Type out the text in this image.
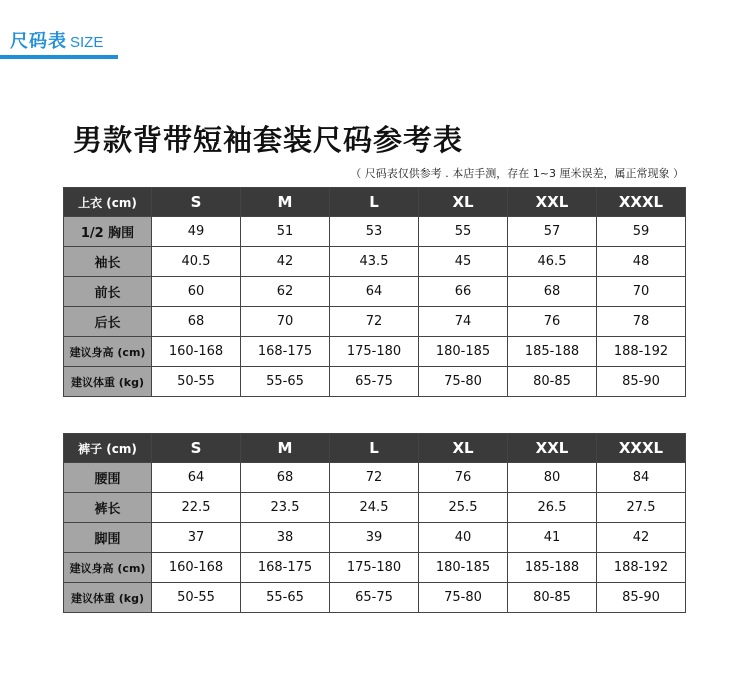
尺码表 SIZE
男款背带短袖套装尺码参考表
（ 尺码表仅供参考 . 本店手测，存在 1~3 厘米误差，属正常现象 ）
上衣 (cm)	S	M	L	XL	XXL	XXXL
1/2 胸围	49	51	53	55	57	59
袖长	40.5	42	43.5	45	46.5	48
前长	60	62	64	66	68	70
后长	68	70	72	74	76	78
建议身高 (cm)	160-168	168-175	175-180	180-185	185-188	188-192
建议体重 (kg)	50-55	55-65	65-75	75-80	80-85	85-90
裤子 (cm)	S	M	L	XL	XXL	XXXL
腰围	64	68	72	76	80	84
裤长	22.5	23.5	24.5	25.5	26.5	27.5
脚围	37	38	39	40	41	42
建议身高 (cm)	160-168	168-175	175-180	180-185	185-188	188-192
建议体重 (kg)	50-55	55-65	65-75	75-80	80-85	85-90
